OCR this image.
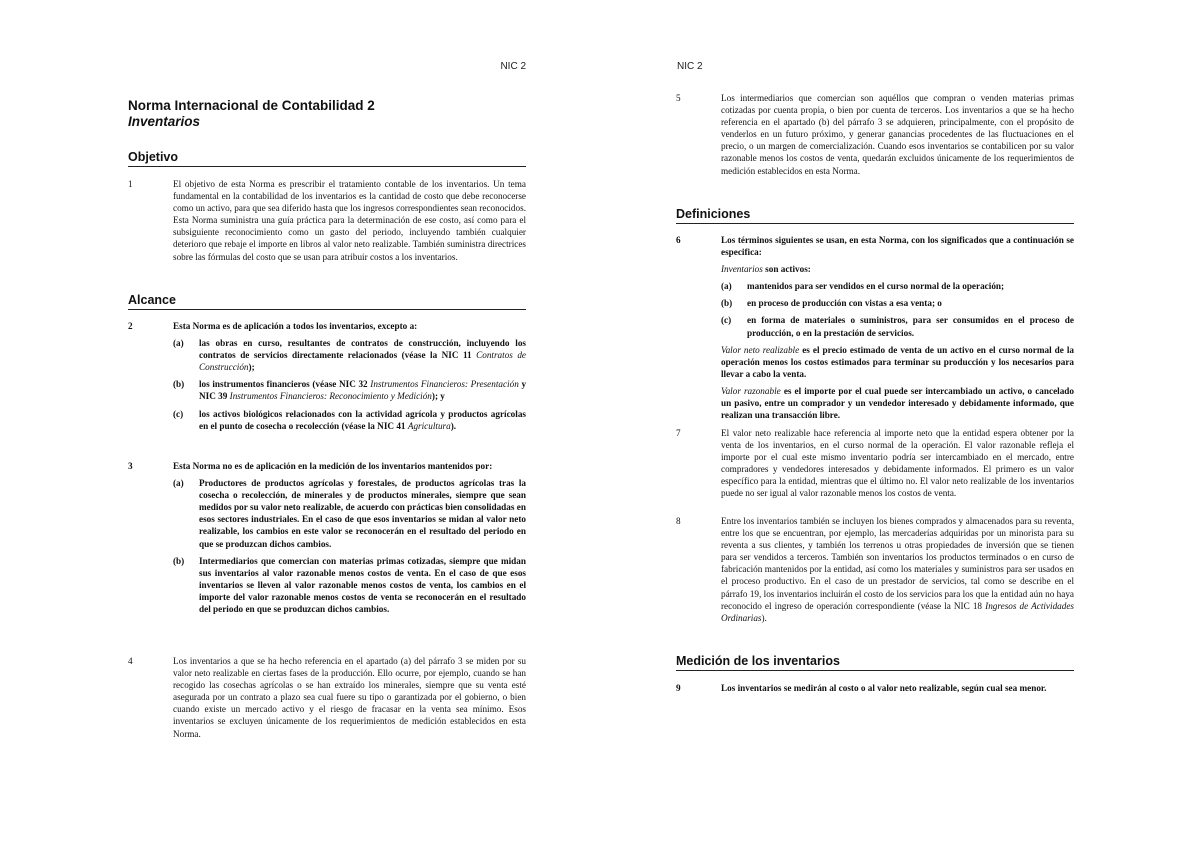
NIC 2
Norma Internacional de Contabilidad 2
Inventarios
Objetivo
1	El objetivo de esta Norma es prescribir el tratamiento contable de los inventarios. Un tema fundamental en la contabilidad de los inventarios es la cantidad de costo que debe reconocerse como un activo, para que sea diferido hasta que los ingresos correspondientes sean reconocidos. Esta Norma suministra una guía práctica para la determinación de ese costo, así como para el subsiguiente reconocimiento como un gasto del periodo, incluyendo también cualquier deterioro que rebaje el importe en libros al valor neto realizable. También suministra directrices sobre las fórmulas del costo que se usan para atribuir costos a los inventarios.
Alcance
2	Esta Norma es de aplicación a todos los inventarios, excepto a:

(a) las obras en curso, resultantes de contratos de construcción, incluyendo los contratos de servicios directamente relacionados (véase la NIC 11 Contratos de Construcción);
(b) los instrumentos financieros (véase NIC 32 Instrumentos Financieros: Presentación y NIC 39 Instrumentos Financieros: Reconocimiento y Medición); y
(c) los activos biológicos relacionados con la actividad agrícola y productos agrícolas en el punto de cosecha o recolección (véase la NIC 41 Agricultura).
3	Esta Norma no es de aplicación en la medición de los inventarios mantenidos por:

(a) Productores de productos agrícolas y forestales, de productos agrícolas tras la cosecha o recolección, de minerales y de productos minerales, siempre que sean medidos por su valor neto realizable, de acuerdo con prácticas bien consolidadas en esos sectores industriales. En el caso de que esos inventarios se midan al valor neto realizable, los cambios en este valor se reconocerán en el resultado del periodo en que se produzcan dichos cambios.
(b) Intermediarios que comercian con materias primas cotizadas, siempre que midan sus inventarios al valor razonable menos costos de venta. En el caso de que esos inventarios se lleven al valor razonable menos costos de venta, los cambios en el importe del valor razonable menos costos de venta se reconocerán en el resultado del periodo en que se produzcan dichos cambios.
4	Los inventarios a que se ha hecho referencia en el apartado (a) del párrafo 3 se miden por su valor neto realizable en ciertas fases de la producción. Ello ocurre, por ejemplo, cuando se han recogido las cosechas agrícolas o se han extraído los minerales, siempre que su venta esté asegurada por un contrato a plazo sea cual fuere su tipo o garantizada por el gobierno, o bien cuando existe un mercado activo y el riesgo de fracasar en la venta sea mínimo. Esos inventarios se excluyen únicamente de los requerimientos de medición establecidos en esta Norma.
NIC 2
5	Los intermediarios que comercian son aquéllos que compran o venden materias primas cotizadas por cuenta propia, o bien por cuenta de terceros. Los inventarios a que se ha hecho referencia en el apartado (b) del párrafo 3 se adquieren, principalmente, con el propósito de venderlos en un futuro próximo, y generar ganancias procedentes de las fluctuaciones en el precio, o un margen de comercialización. Cuando esos inventarios se contabilicen por su valor razonable menos los costos de venta, quedarán excluidos únicamente de los requerimientos de medición establecidos en esta Norma.
Definiciones
6	Los términos siguientes se usan, en esta Norma, con los significados que a continuación se especifica:

Inventarios son activos:

(a) mantenidos para ser vendidos en el curso normal de la operación;
(b) en proceso de producción con vistas a esa venta; o
(c) en forma de materiales o suministros, para ser consumidos en el proceso de producción, o en la prestación de servicios.

Valor neto realizable es el precio estimado de venta de un activo en el curso normal de la operación menos los costos estimados para terminar su producción y los necesarios para llevar a cabo la venta.

Valor razonable es el importe por el cual puede ser intercambiado un activo, o cancelado un pasivo, entre un comprador y un vendedor interesado y debidamente informado, que realizan una transacción libre.

7	El valor neto realizable hace referencia al importe neto que la entidad espera obtener por la venta de los inventarios, en el curso normal de la operación. El valor razonable refleja el importe por el cual este mismo inventario podría ser intercambiado en el mercado, entre compradores y vendedores interesados y debidamente informados. El primero es un valor específico para la entidad, mientras que el último no. El valor neto realizable de los inventarios puede no ser igual al valor razonable menos los costos de venta.
8	Entre los inventarios también se incluyen los bienes comprados y almacenados para su reventa, entre los que se encuentran, por ejemplo, las mercaderías adquiridas por un minorista para su reventa a sus clientes, y también los terrenos u otras propiedades de inversión que se tienen para ser vendidos a terceros. También son inventarios los productos terminados o en curso de fabricación mantenidos por la entidad, así como los materiales y suministros para ser usados en el proceso productivo. En el caso de un prestador de servicios, tal como se describe en el párrafo 19, los inventarios incluirán el costo de los servicios para los que la entidad aún no haya reconocido el ingreso de operación correspondiente (véase la NIC 18 Ingresos de Actividades Ordinarias).
Medición de los inventarios
9	Los inventarios se medirán al costo o al valor neto realizable, según cual sea menor.
